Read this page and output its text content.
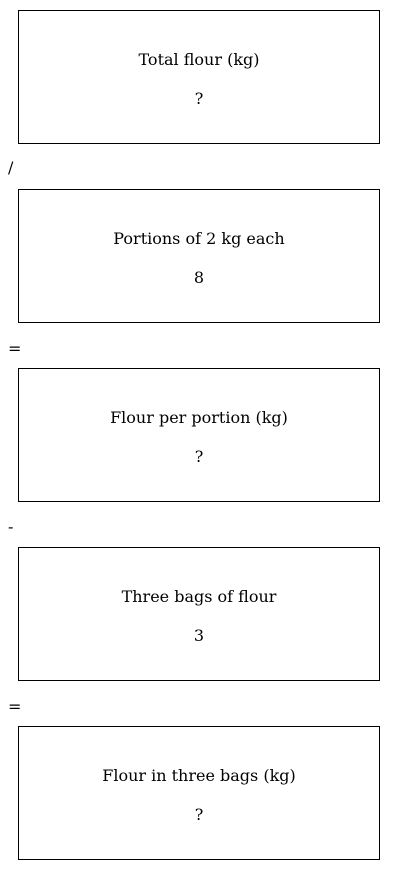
Total flour (kg)
?
/
Portions of 2 kg each
8
=
Flour per portion (kg)
?
-
Three bags of flour
3
=
Flour in three bags (kg)
?
